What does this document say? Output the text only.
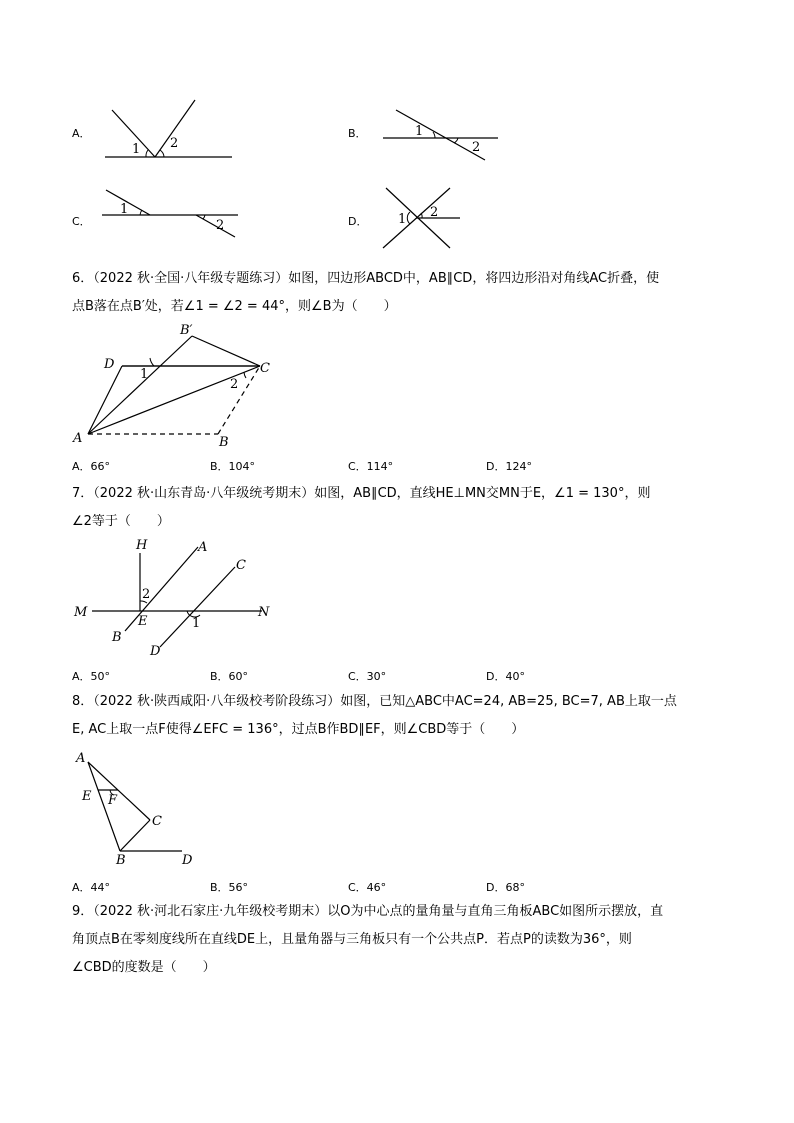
A．
1 2
B．	1
2
C．
1
2	D． 1 2
6．（2022 秋·全国·八年级专题练习）如图，四边形ABCD中，AB∥CD，将四边形沿对角线AC折叠，使
点B落在点B′处，若∠1 = ∠2 = 44°，则∠B为（　　）
B′
D	C
A	B
1
2
A．66°	B．104°	C．114°	D．124°
7．（2022 秋·山东青岛·八年级统考期末）如图，AB∥CD，直线HE⊥MN交MN于E，∠1 = 130°，则
∠2等于（　　）
H	A
C
M	N
E
B
D
1
2
A．50°	B．60°	C．30°	D．40°
8．（2022 秋·陕西咸阳·八年级校考阶段练习）如图，已知△ABC中AC=24, AB=25, BC=7, AB上取一点
E, AC上取一点F使得∠EFC = 136°，过点B作BD∥EF，则∠CBD等于（　　）
A
E F
C
B	D
A．44°	B．56°	C．46°	D．68°
9．（2022 秋·河北石家庄·九年级校考期末）以O为中心点的量角量与直角三角板ABC如图所示摆放，直
角顶点B在零刻度线所在直线DE上，且量角器与三角板只有一个公共点P．若点P的读数为36°，则
∠CBD的度数是（　　）
